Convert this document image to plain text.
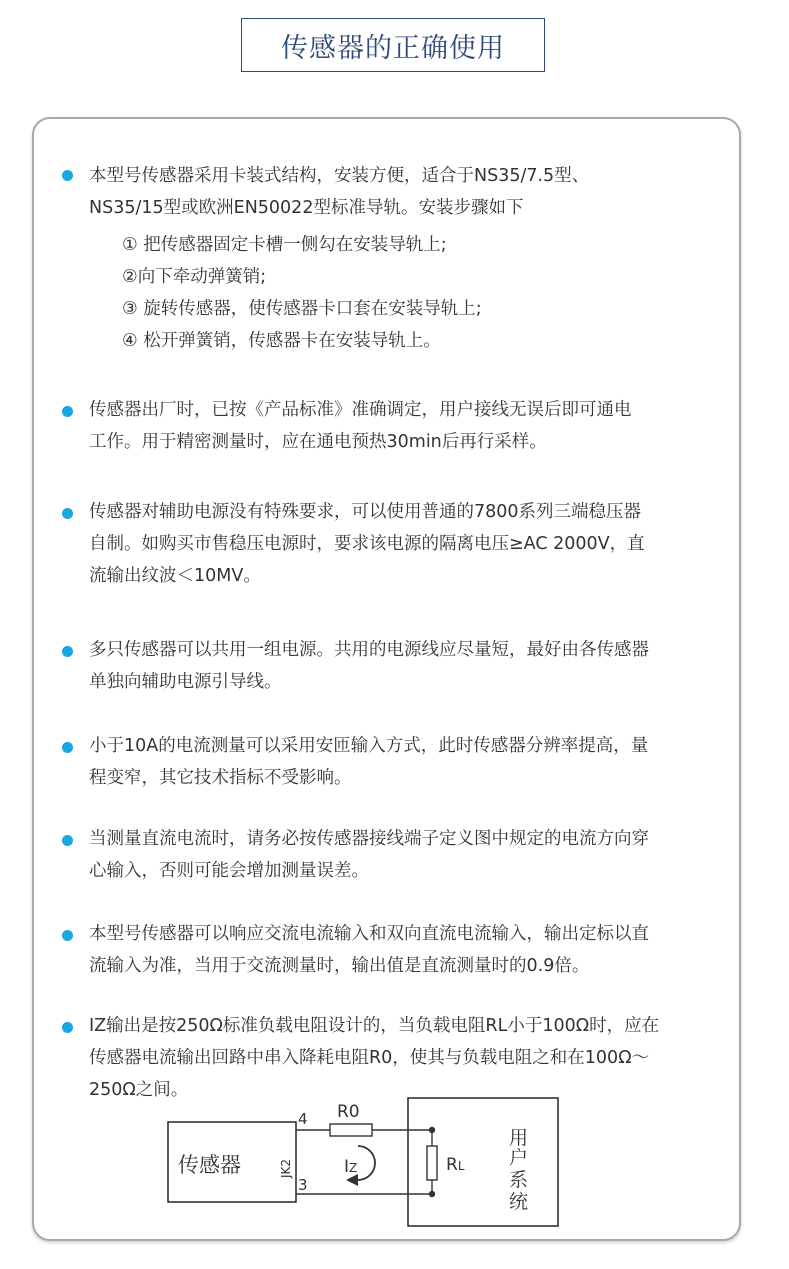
传感器的正确使用
本型号传感器采用卡装式结构，安装方便，适合于NS35/7.5型、
NS35/15型或欧洲EN50022型标准导轨。安装步骤如下
① 把传感器固定卡槽一侧勾在安装导轨上;
②向下牵动弹簧销;
③ 旋转传感器，使传感器卡口套在安装导轨上;
④ 松开弹簧销，传感器卡在安装导轨上。
传感器出厂时，已按《产品标准》准确调定，用户接线无误后即可通电
工作。用于精密测量时，应在通电预热30min后再行采样。
传感器对辅助电源没有特殊要求，可以使用普通的7800系列三端稳压器
自制。如购买市售稳压电源时，要求该电源的隔离电压≥AC 2000V，直
流输出纹波＜10MV。
多只传感器可以共用一组电源。共用的电源线应尽量短，最好由各传感器
单独向辅助电源引导线。
小于10A的电流测量可以采用安匝输入方式，此时传感器分辨率提高，量
程变窄，其它技术指标不受影响。
当测量直流电流时，请务必按传感器接线端子定义图中规定的电流方向穿
心输入，否则可能会增加测量误差。
本型号传感器可以响应交流电流输入和双向直流电流输入，输出定标以直
流输入为准，当用于交流测量时，输出值是直流测量时的0.9倍。
IZ输出是按250Ω标准负载电阻设计的，当负载电阻RL小于100Ω时，应在
传感器电流输出回路中串入降耗电阻R0，使其与负载电阻之和在100Ω～
250Ω之间。
传感器	JK2
4
3
R0
IZ	RL
用
户
系
统
